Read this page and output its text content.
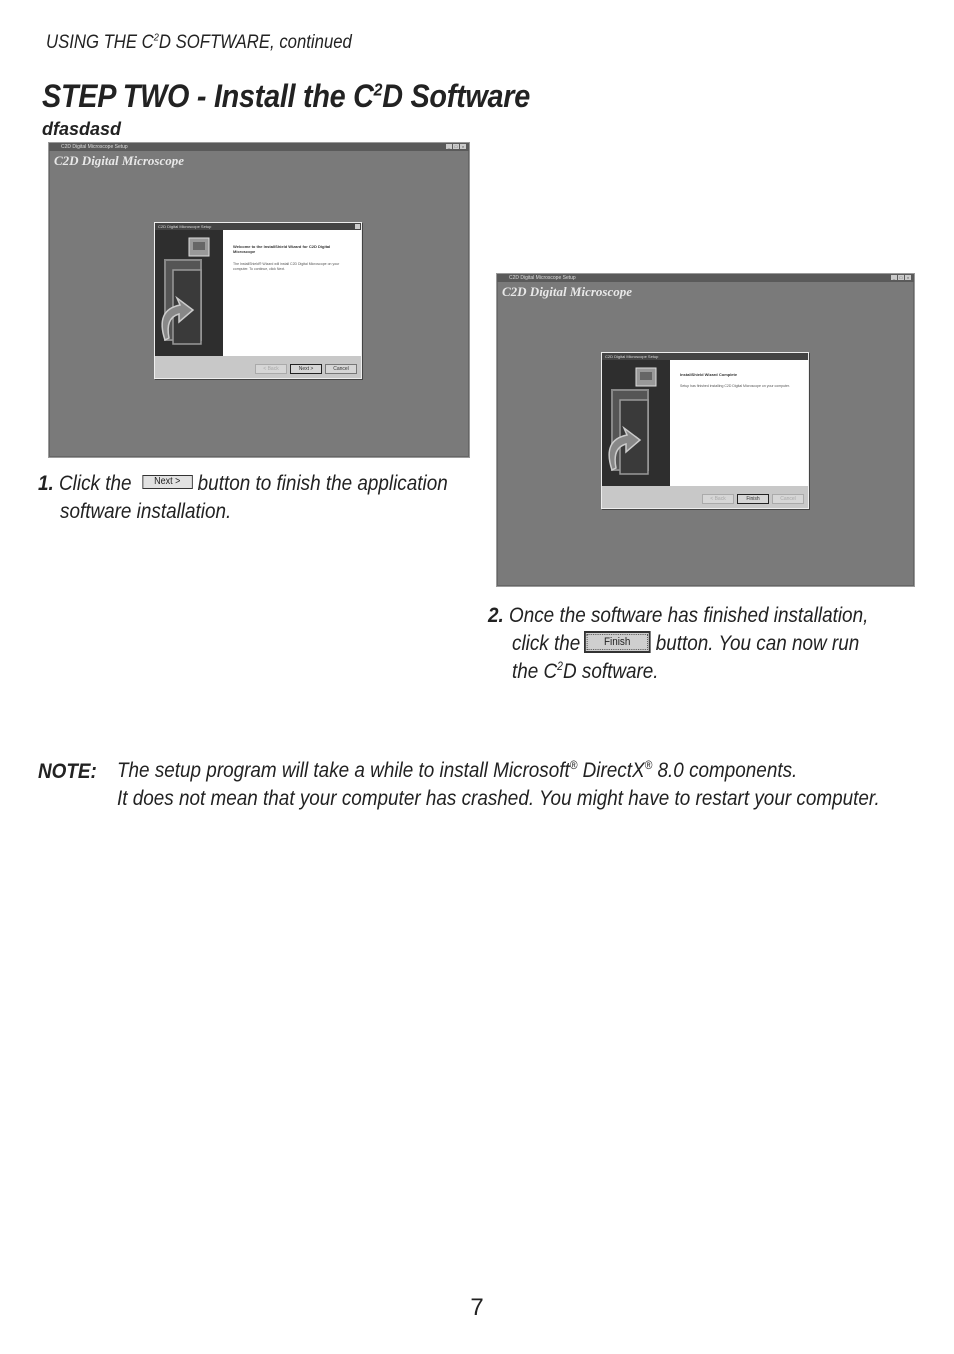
USING THE $C^2D$ SOFTWARE, continued
STEP TWO - Install the $C^2D$ Software
dfasdasd
C2D Digital Microscope Setup	_	□	×
C2D Digital Microscope
C2D Digital Microscope Setup
Welcome to the InstallShield Wizard for C2D Digital Microscope
The InstallShield® Wizard will install C2D Digital Microscope on your computer. To continue, click Next.
< Back	Next >	Cancel
1. Click the Next > button to finish the application
software installation.
C2D Digital Microscope Setup	_	□	×
C2D Digital Microscope
C2D Digital Microscope Setup
InstallShield Wizard Complete
Setup has finished installing C2D Digital Microscope on your computer.
< Back	Finish	Cancel
2. Once the software has finished installation,
click the	Finish	button. You can now run
the $C^2D$ software.
NOTE: The setup program will take a while to install Microsoft® DirectX® 8.0 components.
It does not mean that your computer has crashed. You might have to restart your computer.
7
